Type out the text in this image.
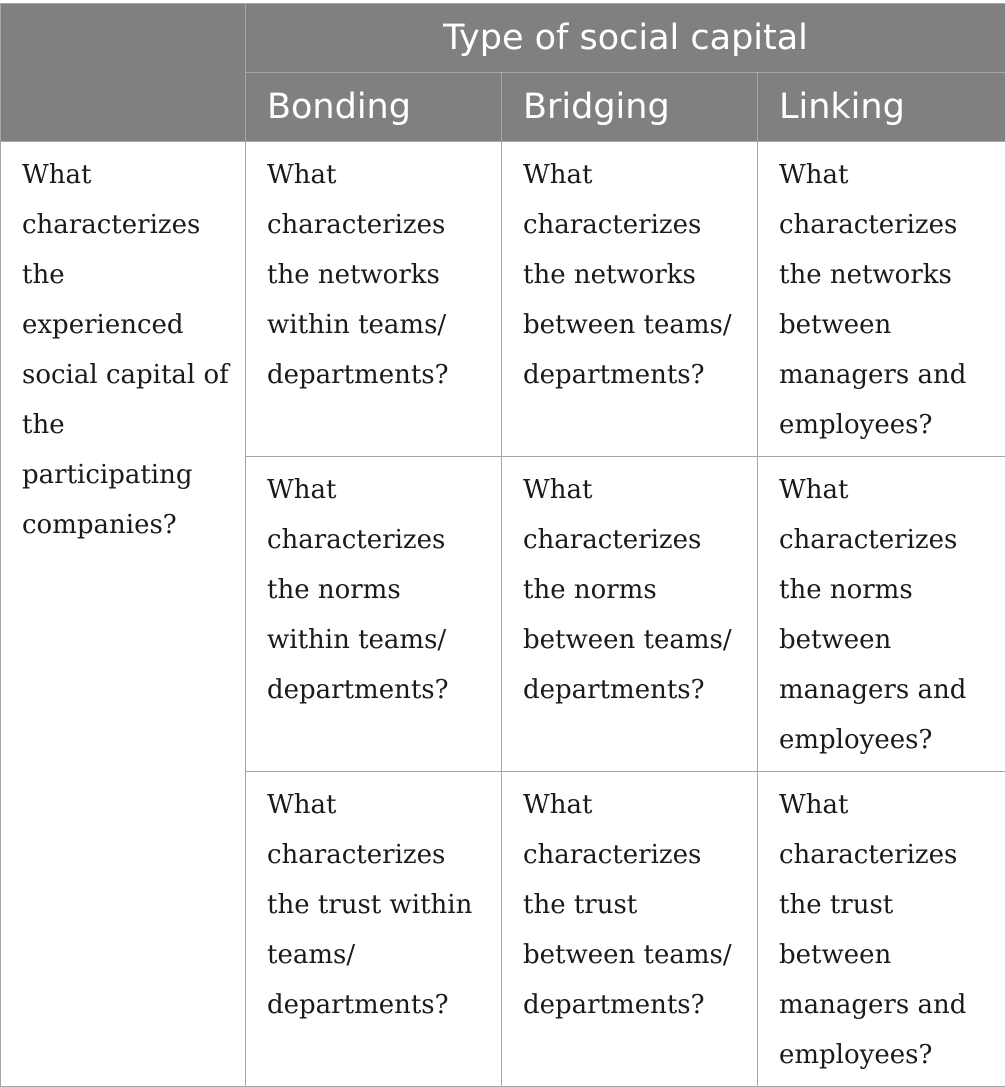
	Type of social capital		
	Bonding	Bridging	Linking
What characterizes the experienced social capital of the participating companies?	What characterizes the networks within teams/ departments?	What characterizes the networks between teams/ departments?	What characterizes the networks between managers and employees?
	What characterizes the norms within teams/ departments?	What characterizes the norms between teams/ departments?	What characterizes the norms between managers and employees?
	What characterizes the trust within teams/ departments?	What characterizes the trust between teams/ departments?	What characterizes the trust between managers and employees?
